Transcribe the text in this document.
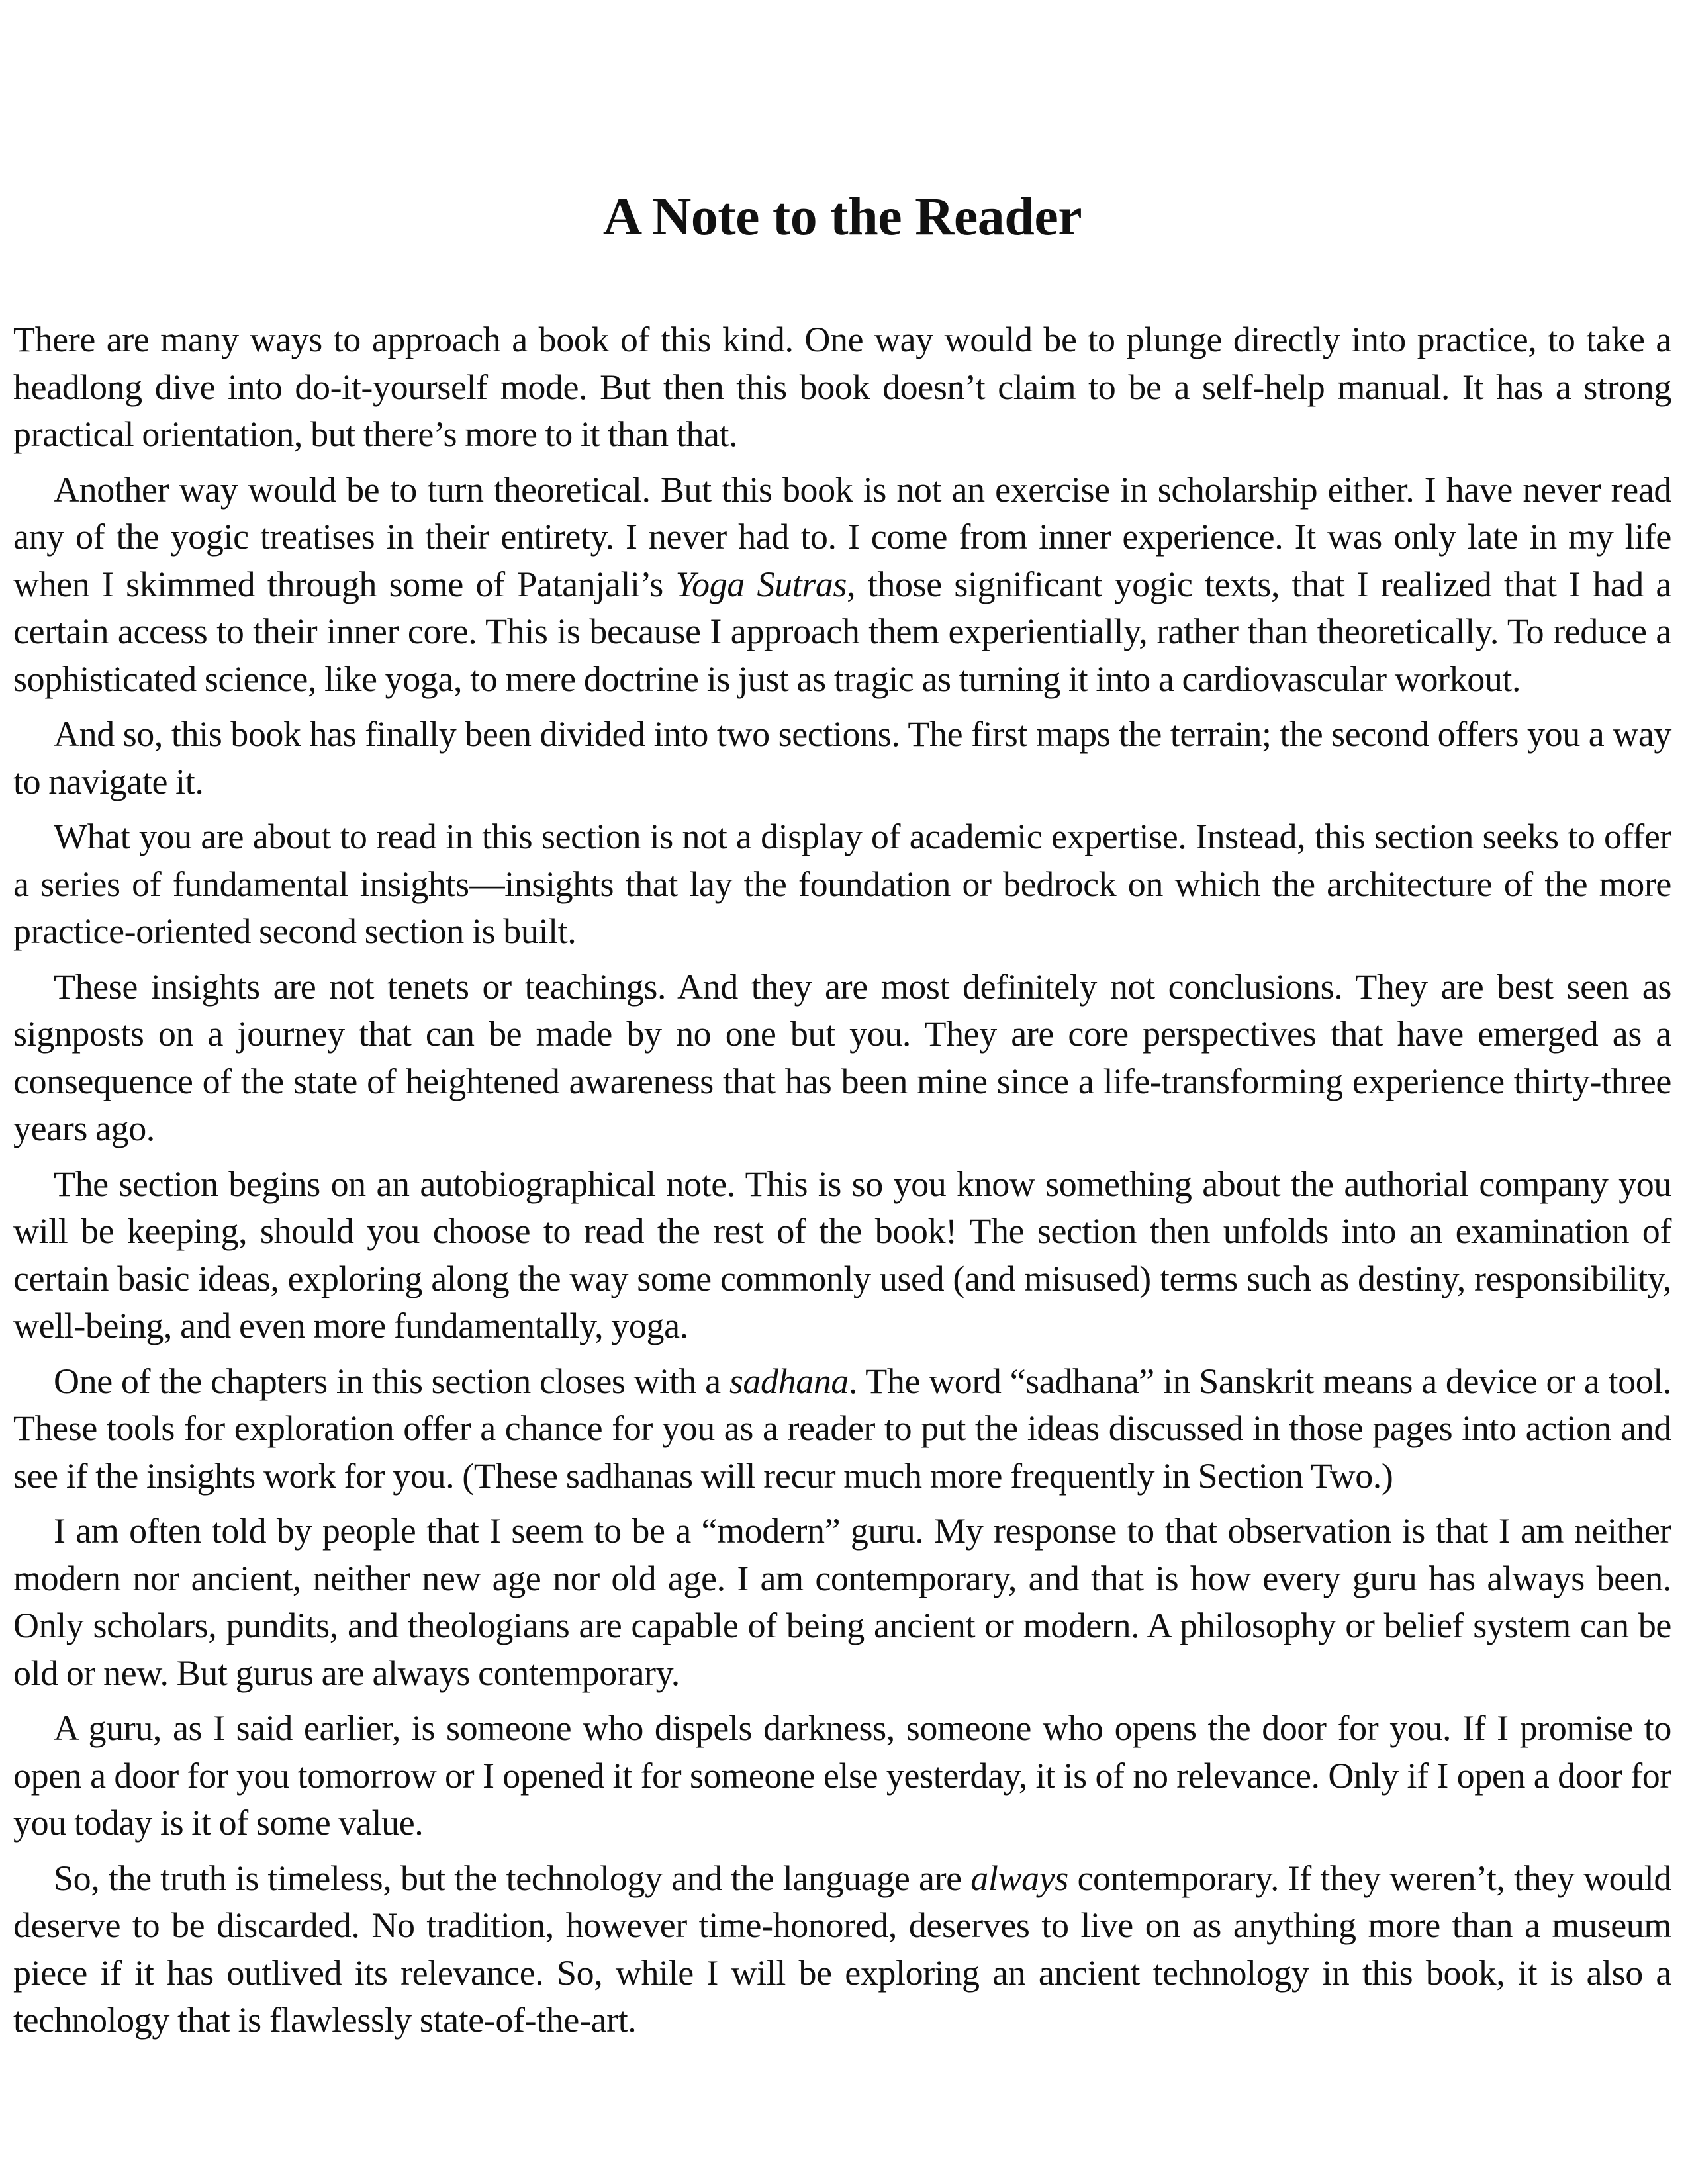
A Note to the Reader

There are many ways to approach a book of this kind. One way would be to plunge directly into practice, to take a headlong dive into do-it-yourself mode. But then this book doesn’t claim to be a self-help manual. It has a strong practical orientation, but there’s more to it than that.

Another way would be to turn theoretical. But this book is not an exercise in scholarship either. I have never read any of the yogic treatises in their entirety. I never had to. I come from inner experience. It was only late in my life when I skimmed through some of Patanjali’s Yoga Sutras, those significant yogic texts, that I realized that I had a certain access to their inner core. This is because I approach them experientially, rather than theoretically. To reduce a sophisticated science, like yoga, to mere doctrine is just as tragic as turning it into a cardiovascular workout.

And so, this book has finally been divided into two sections. The first maps the terrain; the second offers you a way to navigate it.

What you are about to read in this section is not a display of academic expertise. Instead, this section seeks to offer a series of fundamental insights—insights that lay the foundation or bedrock on which the architecture of the more practice-oriented second section is built.

These insights are not tenets or teachings. And they are most definitely not conclusions. They are best seen as signposts on a journey that can be made by no one but you. They are core perspectives that have emerged as a consequence of the state of heightened awareness that has been mine since a life-transforming experience thirty-three years ago.

The section begins on an autobiographical note. This is so you know something about the authorial company you will be keeping, should you choose to read the rest of the book! The section then unfolds into an examination of certain basic ideas, exploring along the way some commonly used (and misused) terms such as destiny, responsibility, well-being, and even more fundamentally, yoga.

One of the chapters in this section closes with a sadhana. The word “sadhana” in Sanskrit means a device or a tool. These tools for exploration offer a chance for you as a reader to put the ideas discussed in those pages into action and see if the insights work for you. (These sadhanas will recur much more frequently in Section Two.)

I am often told by people that I seem to be a “modern” guru. My response to that observation is that I am neither modern nor ancient, neither new age nor old age. I am contemporary, and that is how every guru has always been. Only scholars, pundits, and theologians are capable of being ancient or modern. A philosophy or belief system can be old or new. But gurus are always contemporary.

A guru, as I said earlier, is someone who dispels darkness, someone who opens the door for you. If I promise to open a door for you tomorrow or I opened it for someone else yesterday, it is of no relevance. Only if I open a door for you today is it of some value.

So, the truth is timeless, but the technology and the language are always contemporary. If they weren’t, they would deserve to be discarded. No tradition, however time-honored, deserves to live on as anything more than a museum piece if it has outlived its relevance. So, while I will be exploring an ancient technology in this book, it is also a technology that is flawlessly state-of-the-art.
